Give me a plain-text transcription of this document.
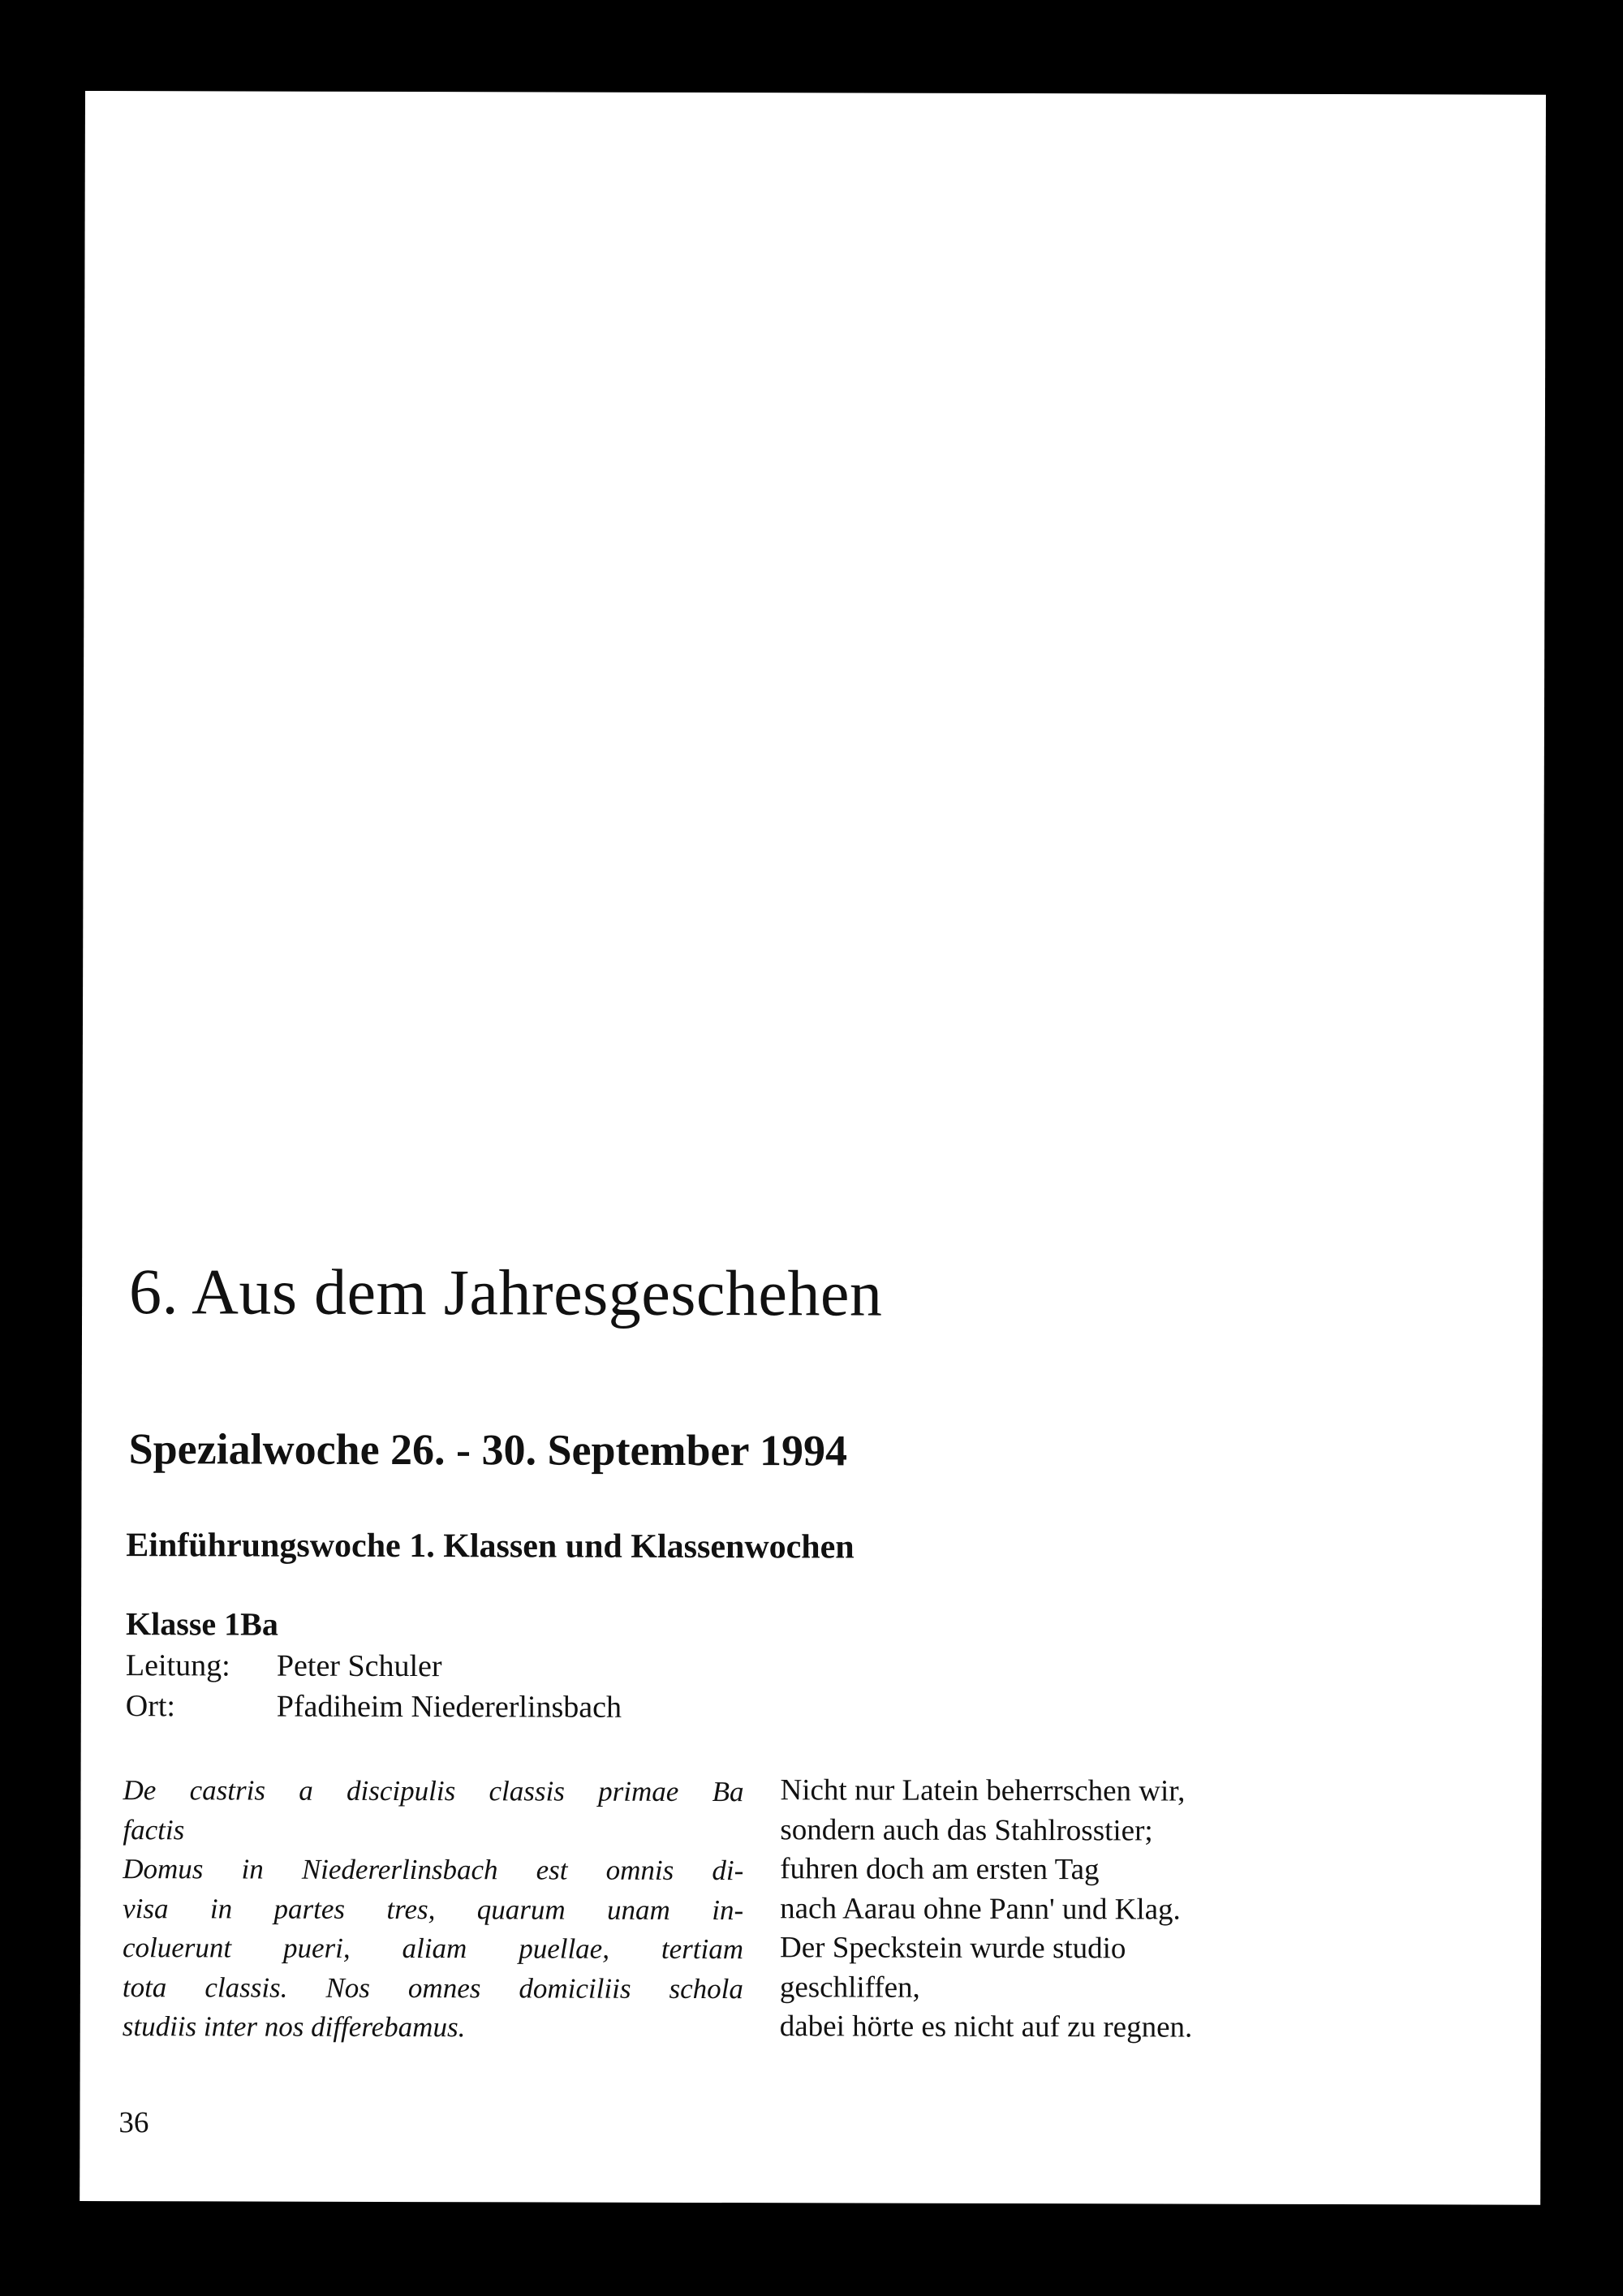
6. Aus dem Jahresgeschehen
Spezialwoche 26. - 30. September 1994
Einführungswoche 1. Klassen und Klassenwochen
Klasse 1Ba
Leitung: Peter Schuler
Ort:	Pfadiheim Niedererlinsbach

De castris a discipulis classis primae Ba

factis

Domus in Niedererlinsbach est omnis di-

visa in partes tres, quarum unam in-

coluerunt pueri, aliam puellae, tertiam

tota classis. Nos omnes domiciliis schola

studiis inter nos differebamus.

Nicht nur Latein beherrschen wir,
sondern auch das Stahlrosstier;
fuhren doch am ersten Tag
nach Aarau ohne Pann' und Klag.
Der Speckstein wurde studio
geschliffen,
dabei hörte es nicht auf zu regnen.
36
